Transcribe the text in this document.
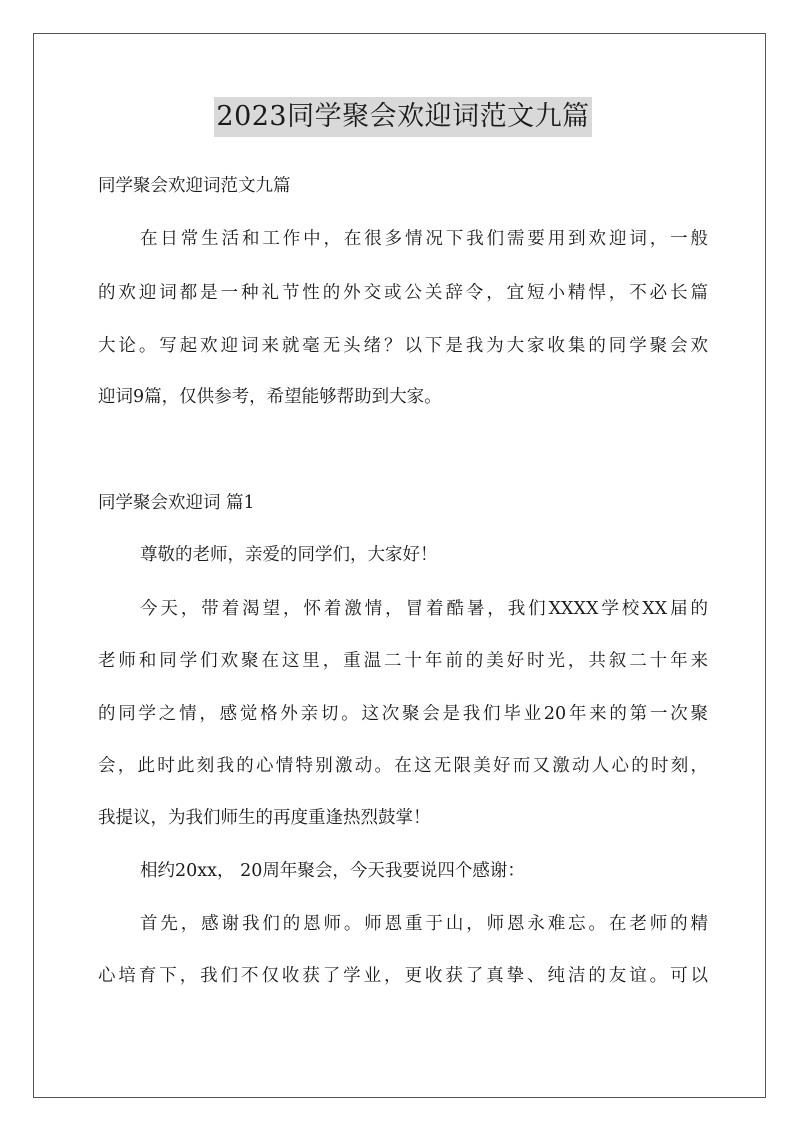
2023同学聚会欢迎词范文九篇
同学聚会欢迎词范文九篇
在日常生活和工作中，在很多情况下我们需要用到欢迎词，一般
的欢迎词都是一种礼节性的外交或公关辞令，宜短小精悍，不必长篇
大论。写起欢迎词来就毫无头绪？以下是我为大家收集的同学聚会欢
迎词9篇，仅供参考，希望能够帮助到大家。
同学聚会欢迎词 篇1
尊敬的老师，亲爱的同学们，大家好！
今天，带着渴望，怀着激情，冒着酷暑，我们XXXX学校XX届的
老师和同学们欢聚在这里，重温二十年前的美好时光，共叙二十年来
的同学之情，感觉格外亲切。这次聚会是我们毕业20年来的第一次聚
会，此时此刻我的心情特别激动。在这无限美好而又激动人心的时刻，
我提议，为我们师生的再度重逢热烈鼓掌！
相约20xx， 20周年聚会，今天我要说四个感谢：
首先，感谢我们的恩师。师恩重于山，师恩永难忘。在老师的精
心培育下，我们不仅收获了学业，更收获了真挚、纯洁的友谊。可以
